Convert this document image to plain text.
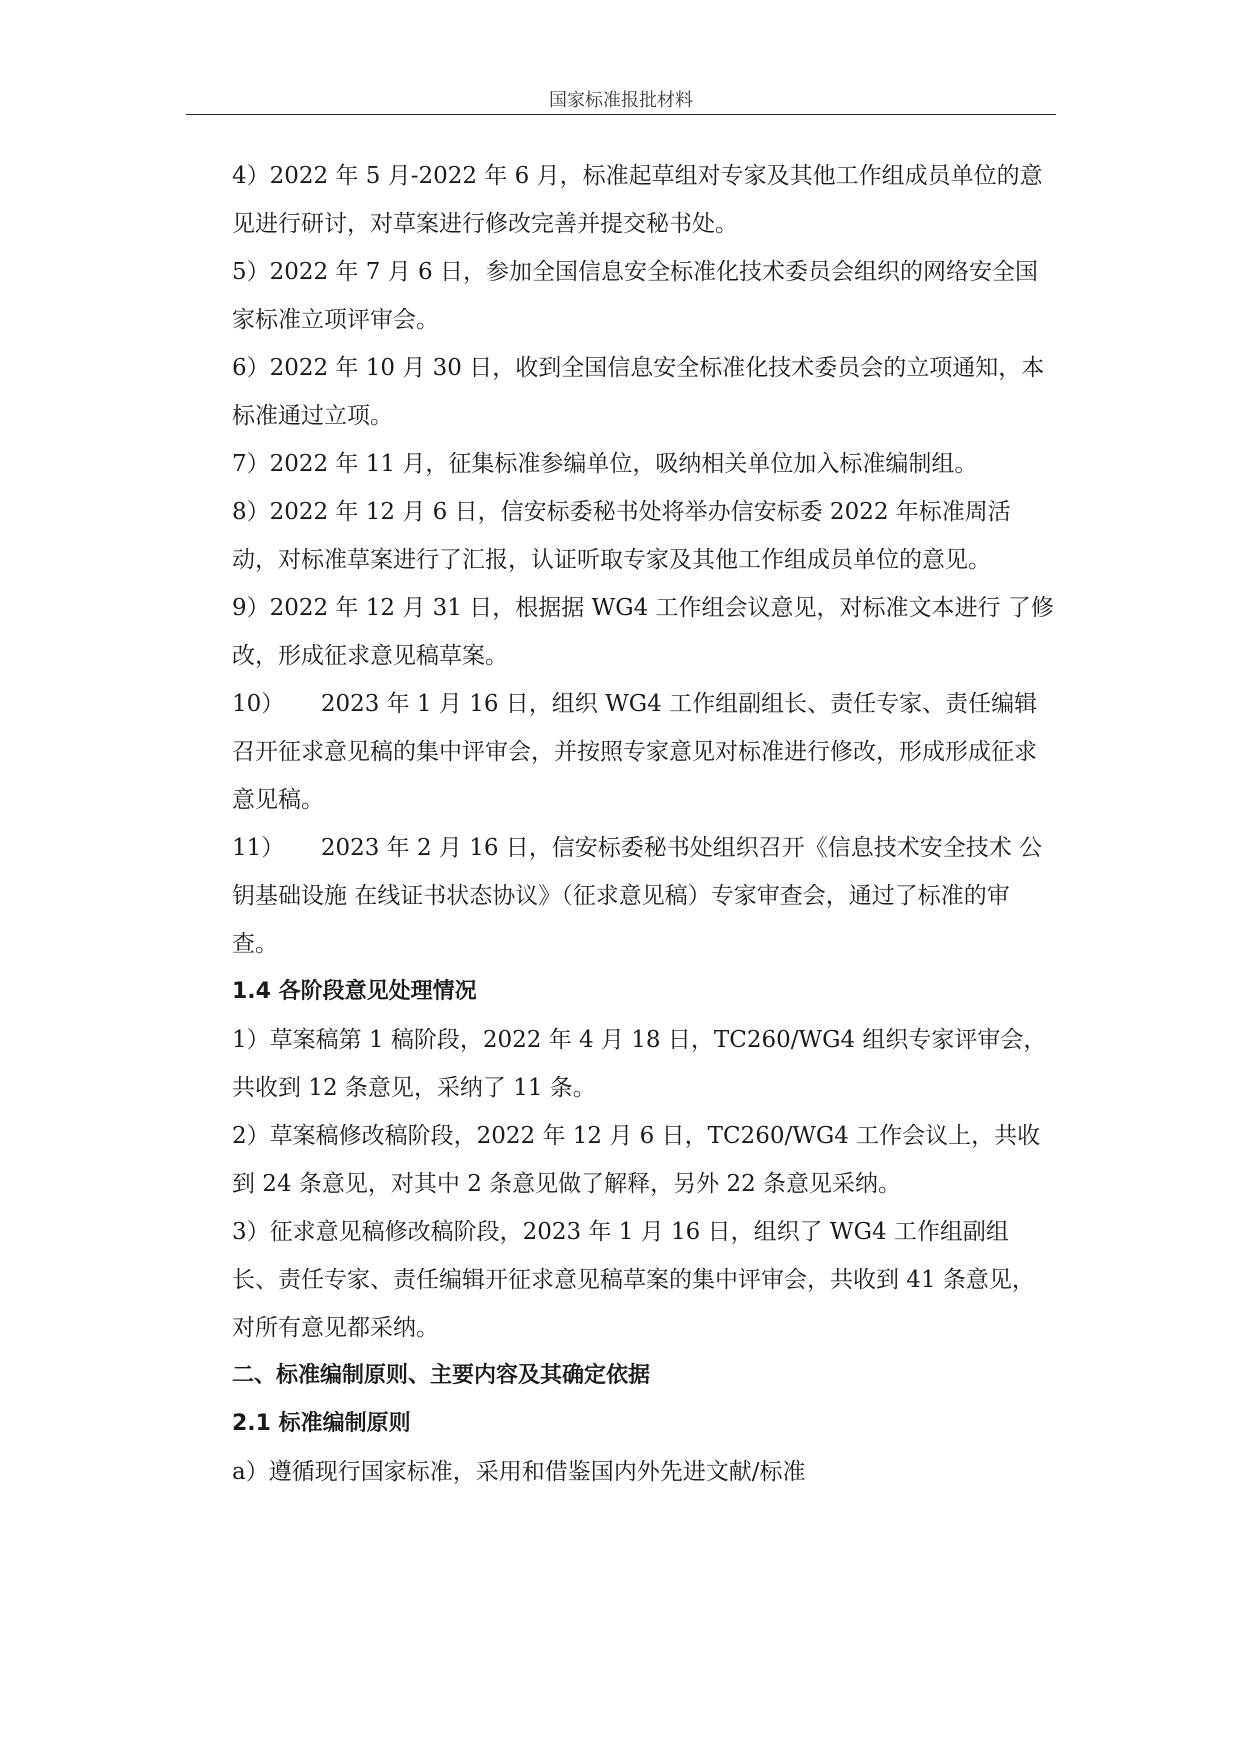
国家标准报批材料

4）2022 年 5 月-2022 年 6 月，标准起草组对专家及其他工作组成员单位的意见进行研讨，对草案进行修改完善并提交秘书处。

5）2022 年 7 月 6 日，参加全国信息安全标准化技术委员会组织的网络安全国家标准立项评审会。

6）2022 年 10 月 30 日，收到全国信息安全标准化技术委员会的立项通知，本标准通过立项。

7）2022 年 11 月，征集标准参编单位，吸纳相关单位加入标准编制组。

8）2022 年 12 月 6 日，信安标委秘书处将举办信安标委 2022 年标准周活动，对标准草案进行了汇报，认证听取专家及其他工作组成员单位的意见。

9）2022 年 12 月 31 日，根据据 WG4 工作组会议意见，对标准文本进行 了修改，形成征求意见稿草案。

10）     2023 年 1 月 16 日，组织 WG4 工作组副组长、责任专家、责任编辑召开征求意见稿的集中评审会，并按照专家意见对标准进行修改，形成形成征求意见稿。

11）     2023 年 2 月 16 日，信安标委秘书处组织召开《信息技术安全技术 公钥基础设施 在线证书状态协议》（征求意见稿）专家审查会，通过了标准的审查。

1.4 各阶段意见处理情况

1）草案稿第 1 稿阶段，2022 年 4 月 18 日，TC260/WG4 组织专家评审会，共收到 12 条意见，采纳了 11 条。

2）草案稿修改稿阶段，2022 年 12 月 6 日，TC260/WG4 工作会议上，共收到 24 条意见，对其中 2 条意见做了解释，另外 22 条意见采纳。

3）征求意见稿修改稿阶段，2023 年 1 月 16 日，组织了 WG4 工作组副组长、责任专家、责任编辑开征求意见稿草案的集中评审会，共收到 41 条意见，对所有意见都采纳。

二、标准编制原则、主要内容及其确定依据

2.1 标准编制原则

a）遵循现行国家标准，采用和借鉴国内外先进文献/标准
